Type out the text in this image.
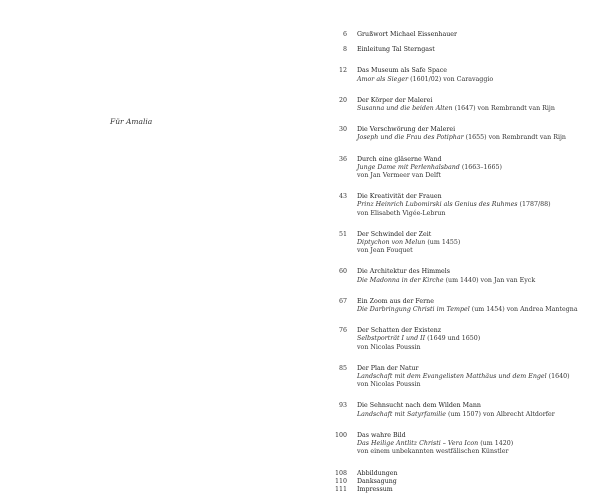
Für Amalia
6	Grußwort Michael Eissenhauer
8	Einleitung Tal Sterngast
12	Das Museum als Safe Space
Amor als Sieger (1601/02) von Caravaggio
20	Der Körper der Malerei
Susanna und die beiden Alten (1647) von Rembrandt van Rijn
30	Die Verschwörung der Malerei
Joseph und die Frau des Potiphar (1655) von Rembrandt van Rijn
36	Durch eine gläserne Wand
Junge Dame mit Perlenhalsband (1663–1665)
von Jan Vermeer van Delft
43	Die Kreativität der Frauen
Prinz Heinrich Lubomirski als Genius des Ruhmes (1787/88)
von Elisabeth Vigée-Lebrun
51	Der Schwindel der Zeit
Diptychon von Melun (um 1455)
von Jean Fouquet
60	Die Architektur des Himmels
Die Madonna in der Kirche (um 1440) von Jan van Eyck
67	Ein Zoom aus der Ferne
Die Darbringung Christi im Tempel (um 1454) von Andrea Mantegna
76	Der Schatten der Existenz
Selbstporträt I und II (1649 und 1650)
von Nicolas Poussin
85	Der Plan der Natur
Landschaft mit dem Evangelisten Matthäus und dem Engel (1640)
von Nicolas Poussin
93	Die Sehnsucht nach dem Wilden Mann
Landschaft mit Satyrfamilie (um 1507) von Albrecht Altdorfer
100	Das wahre Bild
Das Heilige Antlitz Christi – Vera Icon (um 1420)
von einem unbekannten westfälischen Künstler
108	Abbildungen
110	Danksagung
111	Impressum
